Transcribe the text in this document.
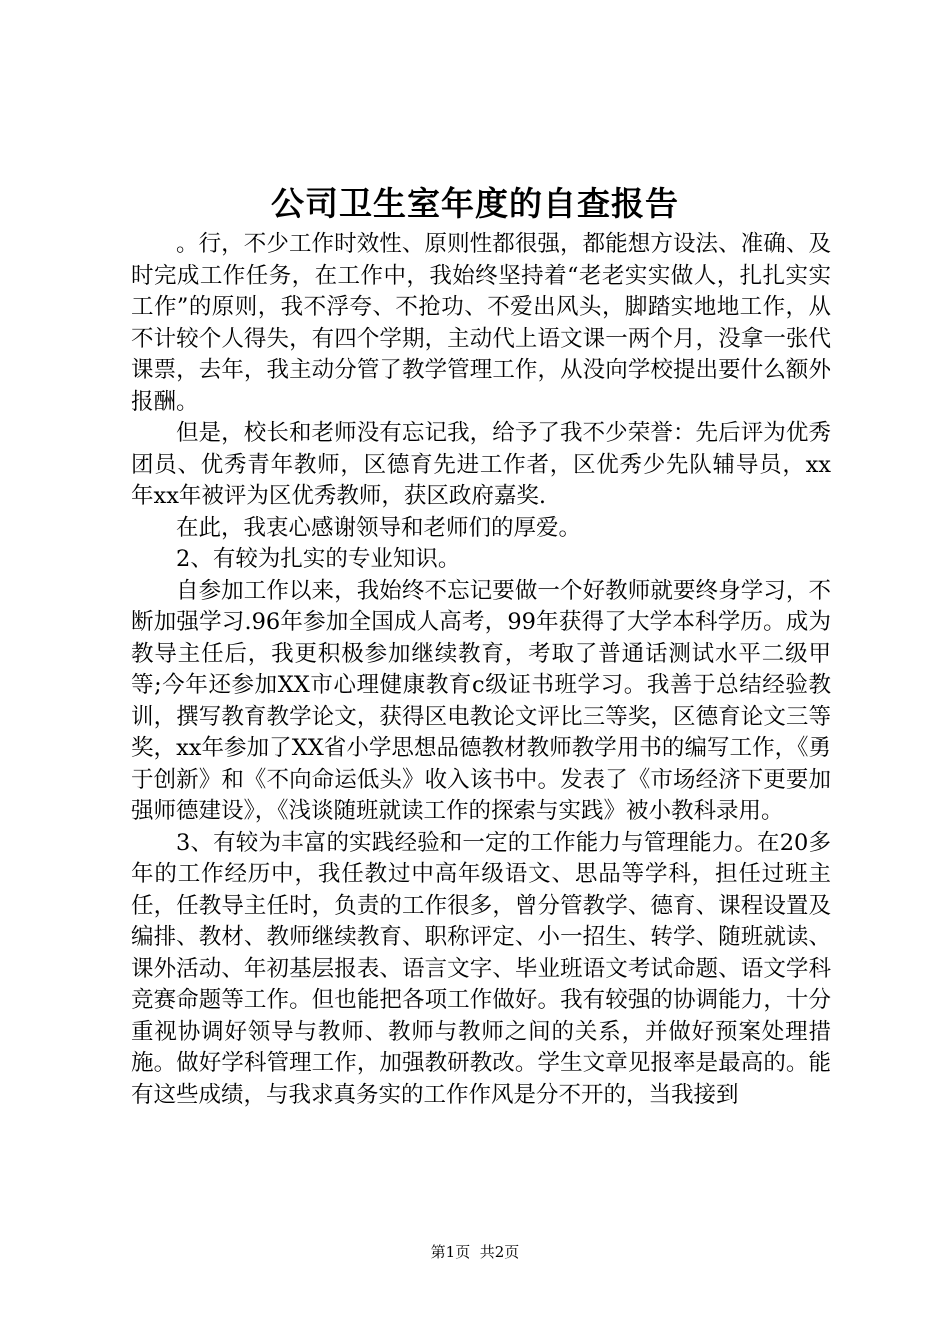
公司卫生室年度的自查报告

。行，不少工作时效性、原则性都很强，都能想方设法、准确、及时完成工作任务，在工作中，我始终坚持着“老老实实做人，扎扎实实工作”的原则，我不浮夸、不抢功、不爱出风头，脚踏实地地工作，从不计较个人得失，有四个学期，主动代上语文课一两个月，没拿一张代课票，去年，我主动分管了教学管理工作，从没向学校提出要什么额外报酬。

但是，校长和老师没有忘记我，给予了我不少荣誉：先后评为优秀团员、优秀青年教师，区德育先进工作者，区优秀少先队辅导员，xx年xx年被评为区优秀教师，获区政府嘉奖.

在此，我衷心感谢领导和老师们的厚爱。

2、有较为扎实的专业知识。

自参加工作以来，我始终不忘记要做一个好教师就要终身学习，不断加强学习.96年参加全国成人高考，99年获得了大学本科学历。成为教导主任后，我更积极参加继续教育，考取了普通话测试水平二级甲等;今年还参加XX市心理健康教育c级证书班学习。我善于总结经验教训，撰写教育教学论文，获得区电教论文评比三等奖，区德育论文三等奖，xx年参加了XX省小学思想品德教材教师教学用书的编写工作，《勇于创新》和《不向命运低头》收入该书中。发表了《市场经济下更要加强师德建设》，《浅谈随班就读工作的探索与实践》被小教科录用。

3、有较为丰富的实践经验和一定的工作能力与管理能力。在20多年的工作经历中，我任教过中高年级语文、思品等学科，担任过班主任，任教导主任时，负责的工作很多，曾分管教学、德育、课程设置及编排、教材、教师继续教育、职称评定、小一招生、转学、随班就读、课外活动、年初基层报表、语言文字、毕业班语文考试命题、语文学科竞赛命题等工作。但也能把各项工作做好。我有较强的协调能力，十分重视协调好领导与教师、教师与教师之间的关系，并做好预案处理措施。做好学科管理工作，加强教研教改。学生文章见报率是最高的。能有这些成绩，与我求真务实的工作作风是分不开的，当我接到

第1页 共2页
